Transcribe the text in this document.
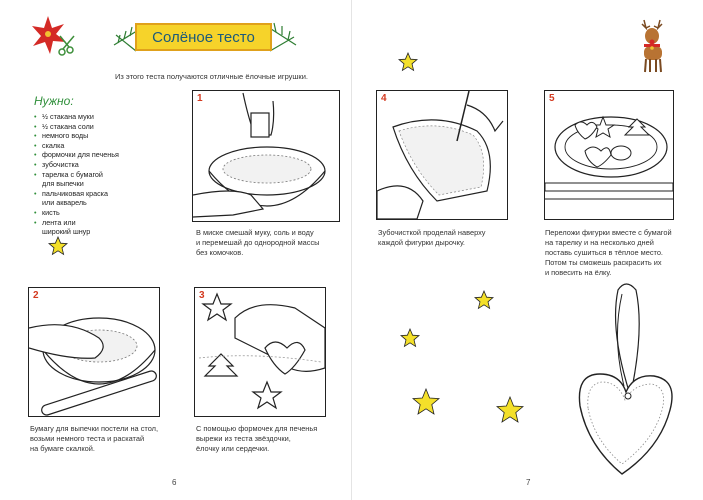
Солёное тесто
Из этого теста получаются отличные ёлочные игрушки.
Нужно:
• ½ стакана муки
• ½ стакана соли
• немного воды
• скалка
• формочки для печенья
• зубочистка
• тарелка с бумагой
для выпечки
• пальчиковая краска
или акварель
• кисть
• лента или
широкий шнур
1
В миске смешай муку, соль и воду
и перемешай до однородной массы
без комочков.
2
Бумагу для выпечки постели на стол,
возьми немного теста и раскатай
на бумаге скалкой.
3
С помощью формочек для печенья
вырежи из теста звёздочки,
ёлочку или сердечки.
4
Зубочисткой проделай наверху
каждой фигурки дырочку.
5
Переложи фигурки вместе с бумагой
на тарелку и на несколько дней
поставь сушиться в тёплое место.
Потом ты сможешь раскрасить их
и повесить на ёлку.
6	7
